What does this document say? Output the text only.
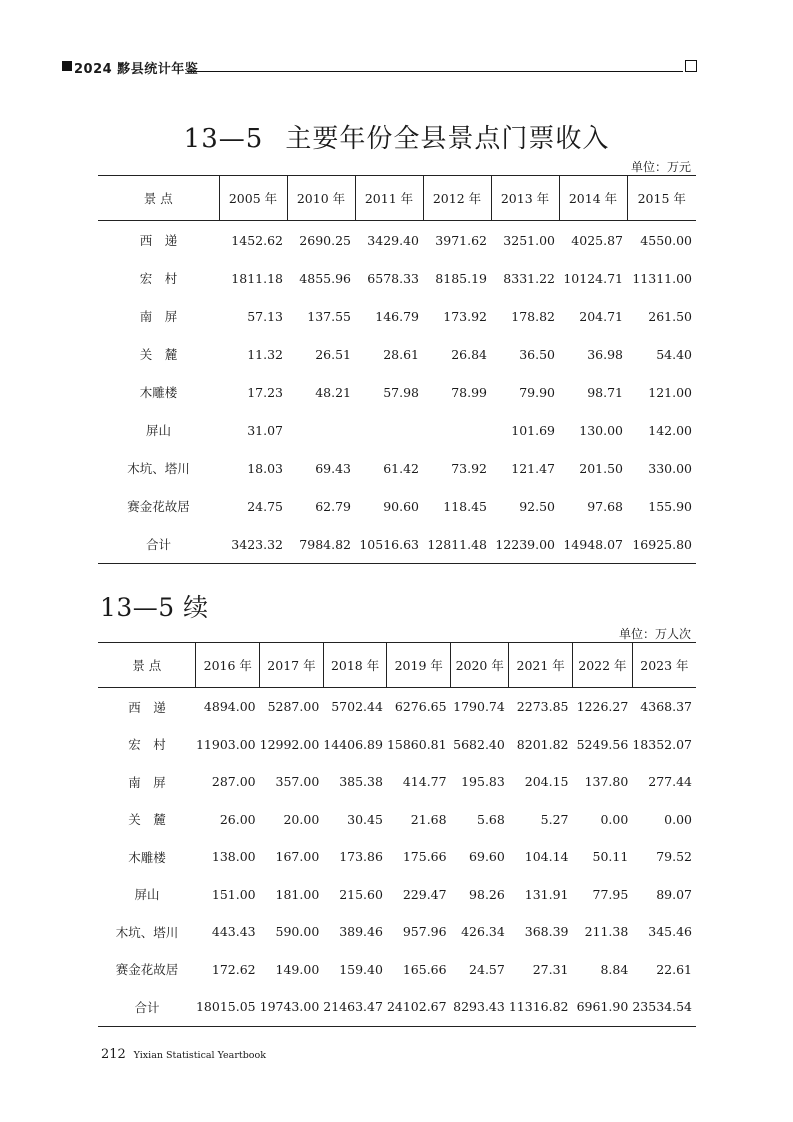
2024 黟县统计年鉴
13—5 主要年份全县景点门票收入
单位：万元
景 点	2005 年	2010 年	2011 年	2012 年	2013 年	2014 年	2015 年
西　递	1452.62	2690.25	3429.40	3971.62	3251.00	4025.87	4550.00
宏　村	1811.18	4855.96	6578.33	8185.19	8331.22	10124.71	11311.00
南　屏	57.13	137.55	146.79	173.92	178.82	204.71	261.50
关　麓	11.32	26.51	28.61	26.84	36.50	36.98	54.40
木雕楼	17.23	48.21	57.98	78.99	79.90	98.71	121.00
屏山	31.07				101.69	130.00	142.00
木坑、塔川	18.03	69.43	61.42	73.92	121.47	201.50	330.00
赛金花故居	24.75	62.79	90.60	118.45	92.50	97.68	155.90
合计	3423.32	7984.82	10516.63	12811.48	12239.00	14948.07	16925.80
13—5 续
单位：万人次
景 点	2016 年	2017 年	2018 年	2019 年	2020 年	2021 年	2022 年	2023 年
西　递	4894.00	5287.00	5702.44	6276.65	1790.74	2273.85	1226.27	4368.37
宏　村	11903.00	12992.00	14406.89	15860.81	5682.40	8201.82	5249.56	18352.07
南　屏	287.00	357.00	385.38	414.77	195.83	204.15	137.80	277.44
关　麓	26.00	20.00	30.45	21.68	5.68	5.27	0.00	0.00
木雕楼	138.00	167.00	173.86	175.66	69.60	104.14	50.11	79.52
屏山	151.00	181.00	215.60	229.47	98.26	131.91	77.95	89.07
木坑、塔川	443.43	590.00	389.46	957.96	426.34	368.39	211.38	345.46
赛金花故居	172.62	149.00	159.40	165.66	24.57	27.31	8.84	22.61
合计	18015.05	19743.00	21463.47	24102.67	8293.43	11316.82	6961.90	23534.54
212 Yixian Statistical Yeartbook
